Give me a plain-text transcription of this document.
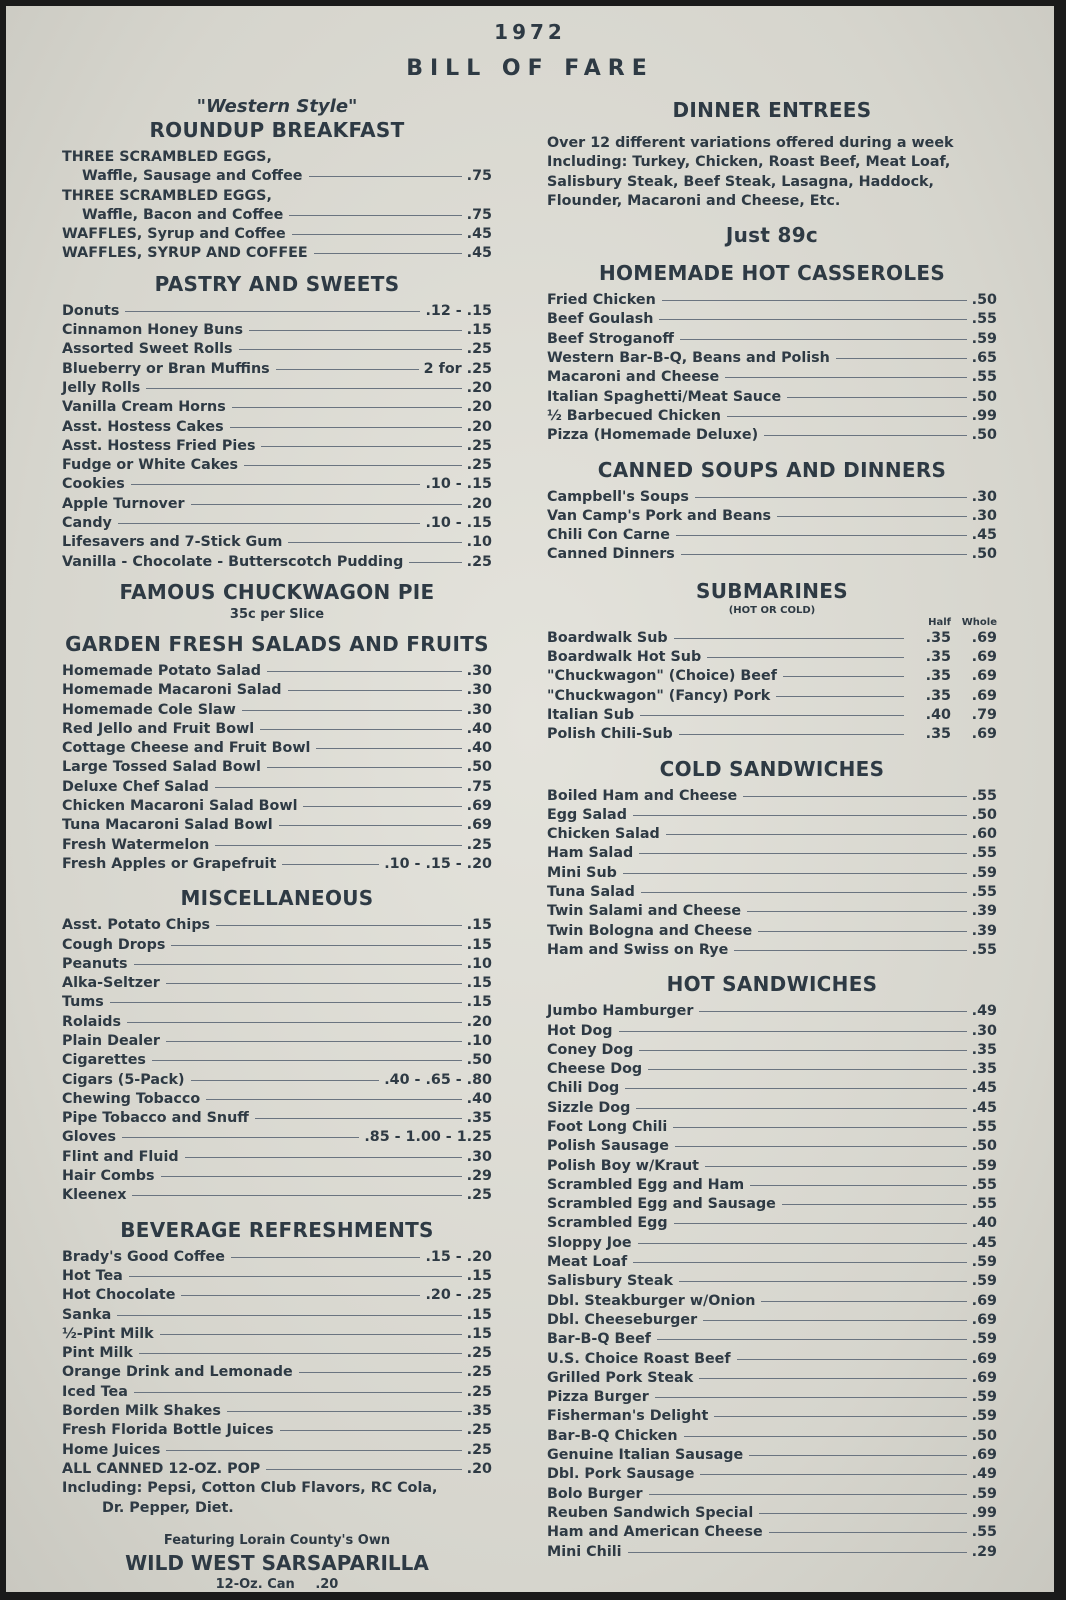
1972
BILL OF FARE
"Western Style"
ROUNDUP BREAKFAST
THREE SCRAMBLED EGGS,
Waffle, Sausage and Coffee	.75
THREE SCRAMBLED EGGS,
Waffle, Bacon and Coffee	.75
WAFFLES, Syrup and Coffee	.45
WAFFLES, SYRUP AND COFFEE	.45
PASTRY AND SWEETS
Donuts	.12 - .15
Cinnamon Honey Buns	.15
Assorted Sweet Rolls	.25
Blueberry or Bran Muffins	2 for .25
Jelly Rolls	.20
Vanilla Cream Horns	.20
Asst. Hostess Cakes	.20
Asst. Hostess Fried Pies	.25
Fudge or White Cakes	.25
Cookies	.10 - .15
Apple Turnover	.20
Candy	.10 - .15
Lifesavers and 7-Stick Gum	.10
Vanilla - Chocolate - Butterscotch Pudding	.25
FAMOUS CHUCKWAGON PIE
35c per Slice
GARDEN FRESH SALADS AND FRUITS
Homemade Potato Salad	.30
Homemade Macaroni Salad	.30
Homemade Cole Slaw	.30
Red Jello and Fruit Bowl	.40
Cottage Cheese and Fruit Bowl	.40
Large Tossed Salad Bowl	.50
Deluxe Chef Salad	.75
Chicken Macaroni Salad Bowl	.69
Tuna Macaroni Salad Bowl	.69
Fresh Watermelon	.25
Fresh Apples or Grapefruit	.10 - .15 - .20
MISCELLANEOUS
Asst. Potato Chips	.15
Cough Drops	.15
Peanuts	.10
Alka-Seltzer	.15
Tums	.15
Rolaids	.20
Plain Dealer	.10
Cigarettes	.50
Cigars (5-Pack)	.40 - .65 - .80
Chewing Tobacco	.40
Pipe Tobacco and Snuff	.35
Gloves	.85 - 1.00 - 1.25
Flint and Fluid	.30
Hair Combs	.29
Kleenex	.25
BEVERAGE REFRESHMENTS
Brady's Good Coffee	.15 - .20
Hot Tea	.15
Hot Chocolate	.20 - .25
Sanka	.15
½-Pint Milk	.15
Pint Milk	.25
Orange Drink and Lemonade	.25
Iced Tea	.25
Borden Milk Shakes	.35
Fresh Florida Bottle Juices	.25
Home Juices	.25
ALL CANNED 12-OZ. POP	.20
Including: Pepsi, Cotton Club Flavors, RC Cola,
Dr. Pepper, Diet.
Featuring Lorain County's Own
WILD WEST SARSAPARILLA
12-Oz. Can .20
DINNER ENTREES
Over 12 different variations offered during a week
Including: Turkey, Chicken, Roast Beef, Meat Loaf,
Salisbury Steak, Beef Steak, Lasagna, Haddock,
Flounder, Macaroni and Cheese, Etc.
Just 89c
HOMEMADE HOT CASSEROLES
Fried Chicken	.50
Beef Goulash	.55
Beef Stroganoff	.59
Western Bar-B-Q, Beans and Polish	.65
Macaroni and Cheese	.55
Italian Spaghetti/Meat Sauce	.50
½ Barbecued Chicken	.99
Pizza (Homemade Deluxe)	.50
CANNED SOUPS AND DINNERS
Campbell's Soups	.30
Van Camp's Pork and Beans	.30
Chili Con Carne	.45
Canned Dinners	.50
SUBMARINES
(HOT OR COLD)
Half	Whole
Boardwalk Sub	.35	.69
Boardwalk Hot Sub	.35	.69
"Chuckwagon" (Choice) Beef	.35	.69
"Chuckwagon" (Fancy) Pork	.35	.69
Italian Sub	.40	.79
Polish Chili-Sub	.35	.69
COLD SANDWICHES
Boiled Ham and Cheese	.55
Egg Salad	.50
Chicken Salad	.60
Ham Salad	.55
Mini Sub	.59
Tuna Salad	.55
Twin Salami and Cheese	.39
Twin Bologna and Cheese	.39
Ham and Swiss on Rye	.55
HOT SANDWICHES
Jumbo Hamburger	.49
Hot Dog	.30
Coney Dog	.35
Cheese Dog	.35
Chili Dog	.45
Sizzle Dog	.45
Foot Long Chili	.55
Polish Sausage	.50
Polish Boy w/Kraut	.59
Scrambled Egg and Ham	.55
Scrambled Egg and Sausage	.55
Scrambled Egg	.40
Sloppy Joe	.45
Meat Loaf	.59
Salisbury Steak	.59
Dbl. Steakburger w/Onion	.69
Dbl. Cheeseburger	.69
Bar-B-Q Beef	.59
U.S. Choice Roast Beef	.69
Grilled Pork Steak	.69
Pizza Burger	.59
Fisherman's Delight	.59
Bar-B-Q Chicken	.50
Genuine Italian Sausage	.69
Dbl. Pork Sausage	.49
Bolo Burger	.59
Reuben Sandwich Special	.99
Ham and American Cheese	.55
Mini Chili	.29
